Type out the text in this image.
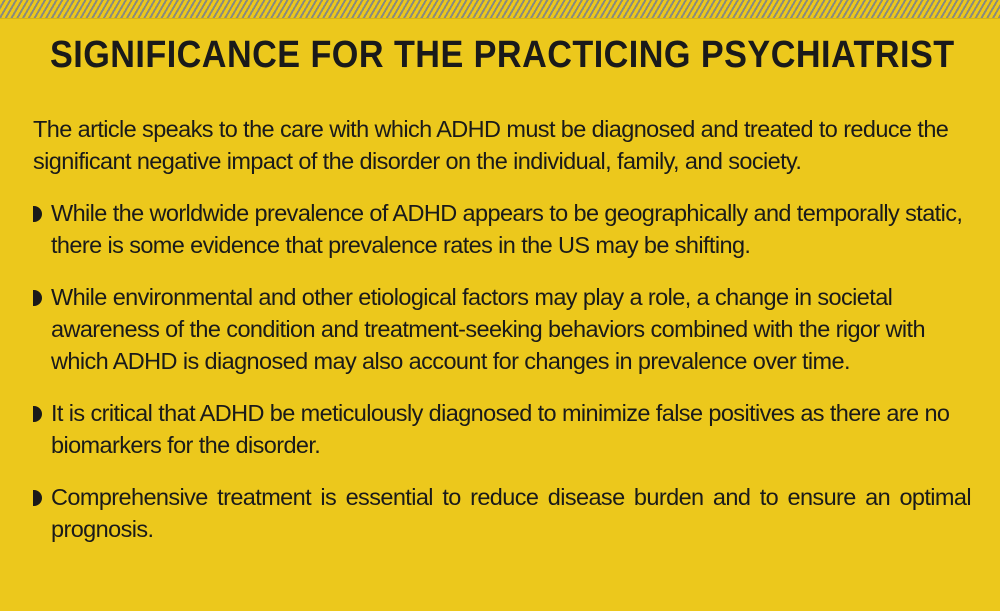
SIGNIFICANCE FOR THE PRACTICING PSYCHIATRIST

The article speaks to the care with which ADHD must be diagnosed and treated to reduce the significant negative impact of the disorder on the individual, family, and society.

While the worldwide prevalence of ADHD appears to be geographically and temporally static, there is some evidence that prevalence rates in the US may be shifting.
While environmental and other etiological factors may play a role, a change in societal awareness of the condition and treatment-seeking behaviors combined with the rigor with which ADHD is diagnosed may also account for changes in prevalence over time.
It is critical that ADHD be meticulously diagnosed to minimize false positives as there are no biomarkers for the disorder.
Comprehensive treatment is essential to reduce disease burden and to ensure an optimal prognosis.
